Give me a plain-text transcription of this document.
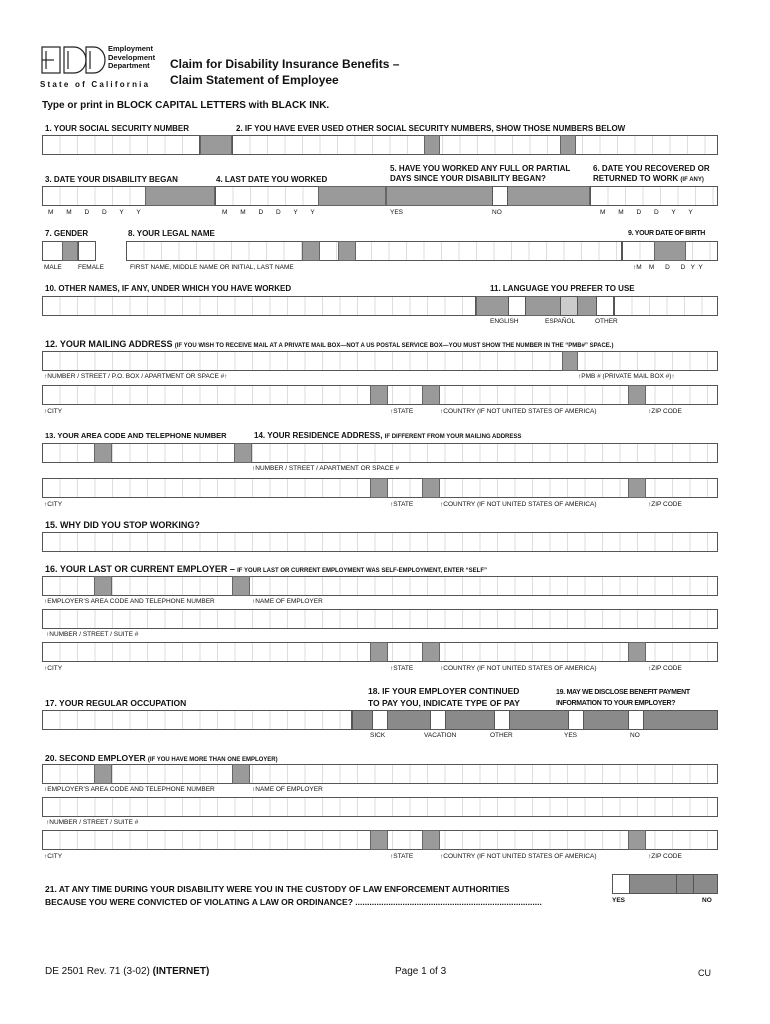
Employment
Development
Department
State of California
Claim for Disability Insurance Benefits –
Claim Statement of Employee
Type or print in BLOCK CAPITAL LETTERS with BLACK INK.
1. YOUR SOCIAL SECURITY NUMBER	2. IF YOU HAVE EVER USED OTHER SOCIAL SECURITY NUMBERS, SHOW THOSE NUMBERS BELOW
5. HAVE YOU WORKED ANY FULL OR PARTIAL
DAYS SINCE YOUR DISABILITY BEGAN?
6. DATE YOU RECOVERED OR
RETURNED TO WORK (IF ANY)
3. DATE YOUR DISABILITY BEGAN	4. LAST DATE YOU WORKED
M M D D Y Y	M M D D Y Y	YES	NO	M M D D Y Y
7. GENDER	8. YOUR LEGAL NAME	9. YOUR DATE OF BIRTH
MALE	FEMALE	FIRST NAME, MIDDLE NAME OR INITIAL, LAST NAME	↑M    M      D      D   Y  Y
10. OTHER NAMES, IF ANY, UNDER WHICH YOU HAVE WORKED	11. LANGUAGE YOU PREFER TO USE
ENGLISH	ESPAÑOL	OTHER
12. YOUR MAILING ADDRESS (IF YOU WISH TO RECEIVE MAIL AT A PRIVATE MAIL BOX—NOT A US POSTAL SERVICE BOX—YOU MUST SHOW THE NUMBER IN THE “PMB#” SPACE.)
↑NUMBER / STREET / P.O. BOX / APARTMENT OR SPACE #↑	↑PMB # (PRIVATE MAIL BOX #)↑
↑CITY	↑STATE	↑COUNTRY (IF NOT UNITED STATES OF AMERICA)	↑ZIP CODE
13. YOUR AREA CODE AND TELEPHONE NUMBER	14. YOUR RESIDENCE ADDRESS, IF DIFFERENT FROM YOUR MAILING ADDRESS
↑NUMBER / STREET / APARTMENT OR SPACE #
↑CITY	↑STATE	↑COUNTRY (IF NOT UNITED STATES OF AMERICA)	↑ZIP CODE
15. WHY DID YOU STOP WORKING?
16. YOUR LAST OR CURRENT EMPLOYER – IF YOUR LAST OR CURRENT EMPLOYMENT WAS SELF-EMPLOYMENT, ENTER “SELF”
↑EMPLOYER’S AREA CODE AND TELEPHONE NUMBER	↑NAME OF EMPLOYER
↑NUMBER / STREET / SUITE #
↑CITY	↑STATE	↑COUNTRY (IF NOT UNITED STATES OF AMERICA)	↑ZIP CODE
18. IF YOUR EMPLOYER CONTINUED
TO PAY YOU, INDICATE TYPE OF PAY
19. MAY WE DISCLOSE BENEFIT PAYMENT
INFORMATION TO YOUR EMPLOYER?
17. YOUR REGULAR OCCUPATION
SICK	VACATION	OTHER	YES	NO
20. SECOND EMPLOYER (IF YOU HAVE MORE THAN ONE EMPLOYER)
↑EMPLOYER’S AREA CODE AND TELEPHONE NUMBER	↑NAME OF EMPLOYER
↑NUMBER / STREET / SUITE #
↑CITY	↑STATE	↑COUNTRY (IF NOT UNITED STATES OF AMERICA)	↑ZIP CODE
21. AT ANY TIME DURING YOUR DISABILITY WERE YOU IN THE CUSTODY OF LAW ENFORCEMENT AUTHORITIES
BECAUSE YOU WERE CONVICTED OF VIOLATING A LAW OR ORDINANCE? ...............................................................................	YES	NO
DE 2501 Rev. 71 (3-02) (INTERNET)	Page 1 of 3	CU
